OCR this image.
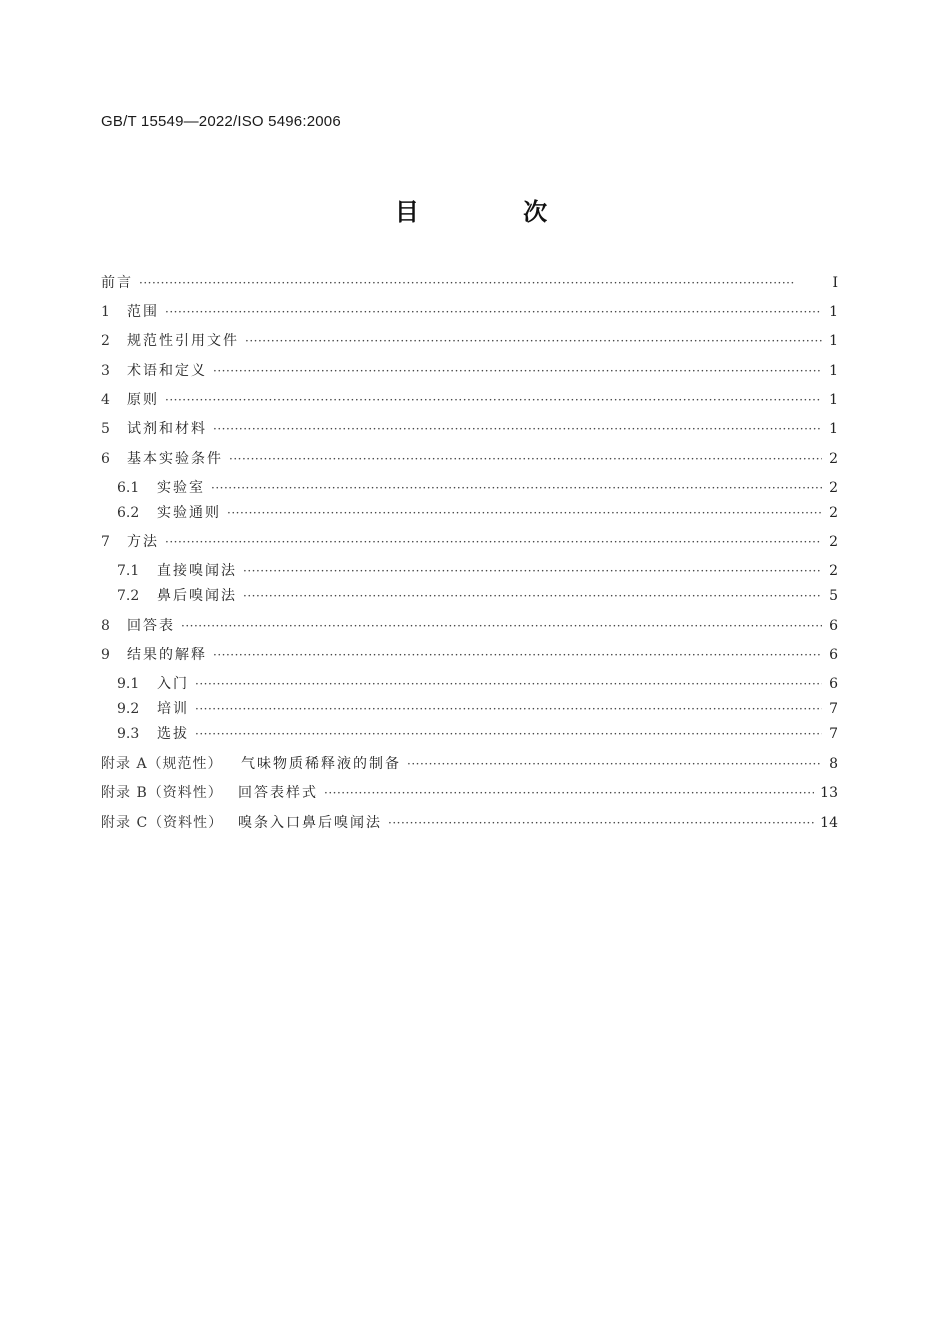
GB/T 15549—2022/ISO 5496:2006
目 次
前言 ·····	Ⅰ
1	范围 ·····	1
2	规范性引用文件 ·····	1
3	术语和定义 ·····	1
4	原则 ·····	1
5	试剂和材料 ·····	1
6	基本实验条件 ·····	2
6.1	实验室 ·····	2
6.2	实验通则 ·····	2
7	方法 ·····	2
7.1	直接嗅闻法 ·····	2
7.2	鼻后嗅闻法 ·····	5
8	回答表 ·····	6
9	结果的解释 ·····	6
9.1	入门 ·····	6
9.2	培训 ·····	7
9.3	选拔 ·····	7
附录 A（规范性）	气味物质稀释液的制备 ·····	8
附录 B（资料性）	回答表样式 ·····	13
附录 C（资料性）	嗅条入口鼻后嗅闻法 ·····	14
